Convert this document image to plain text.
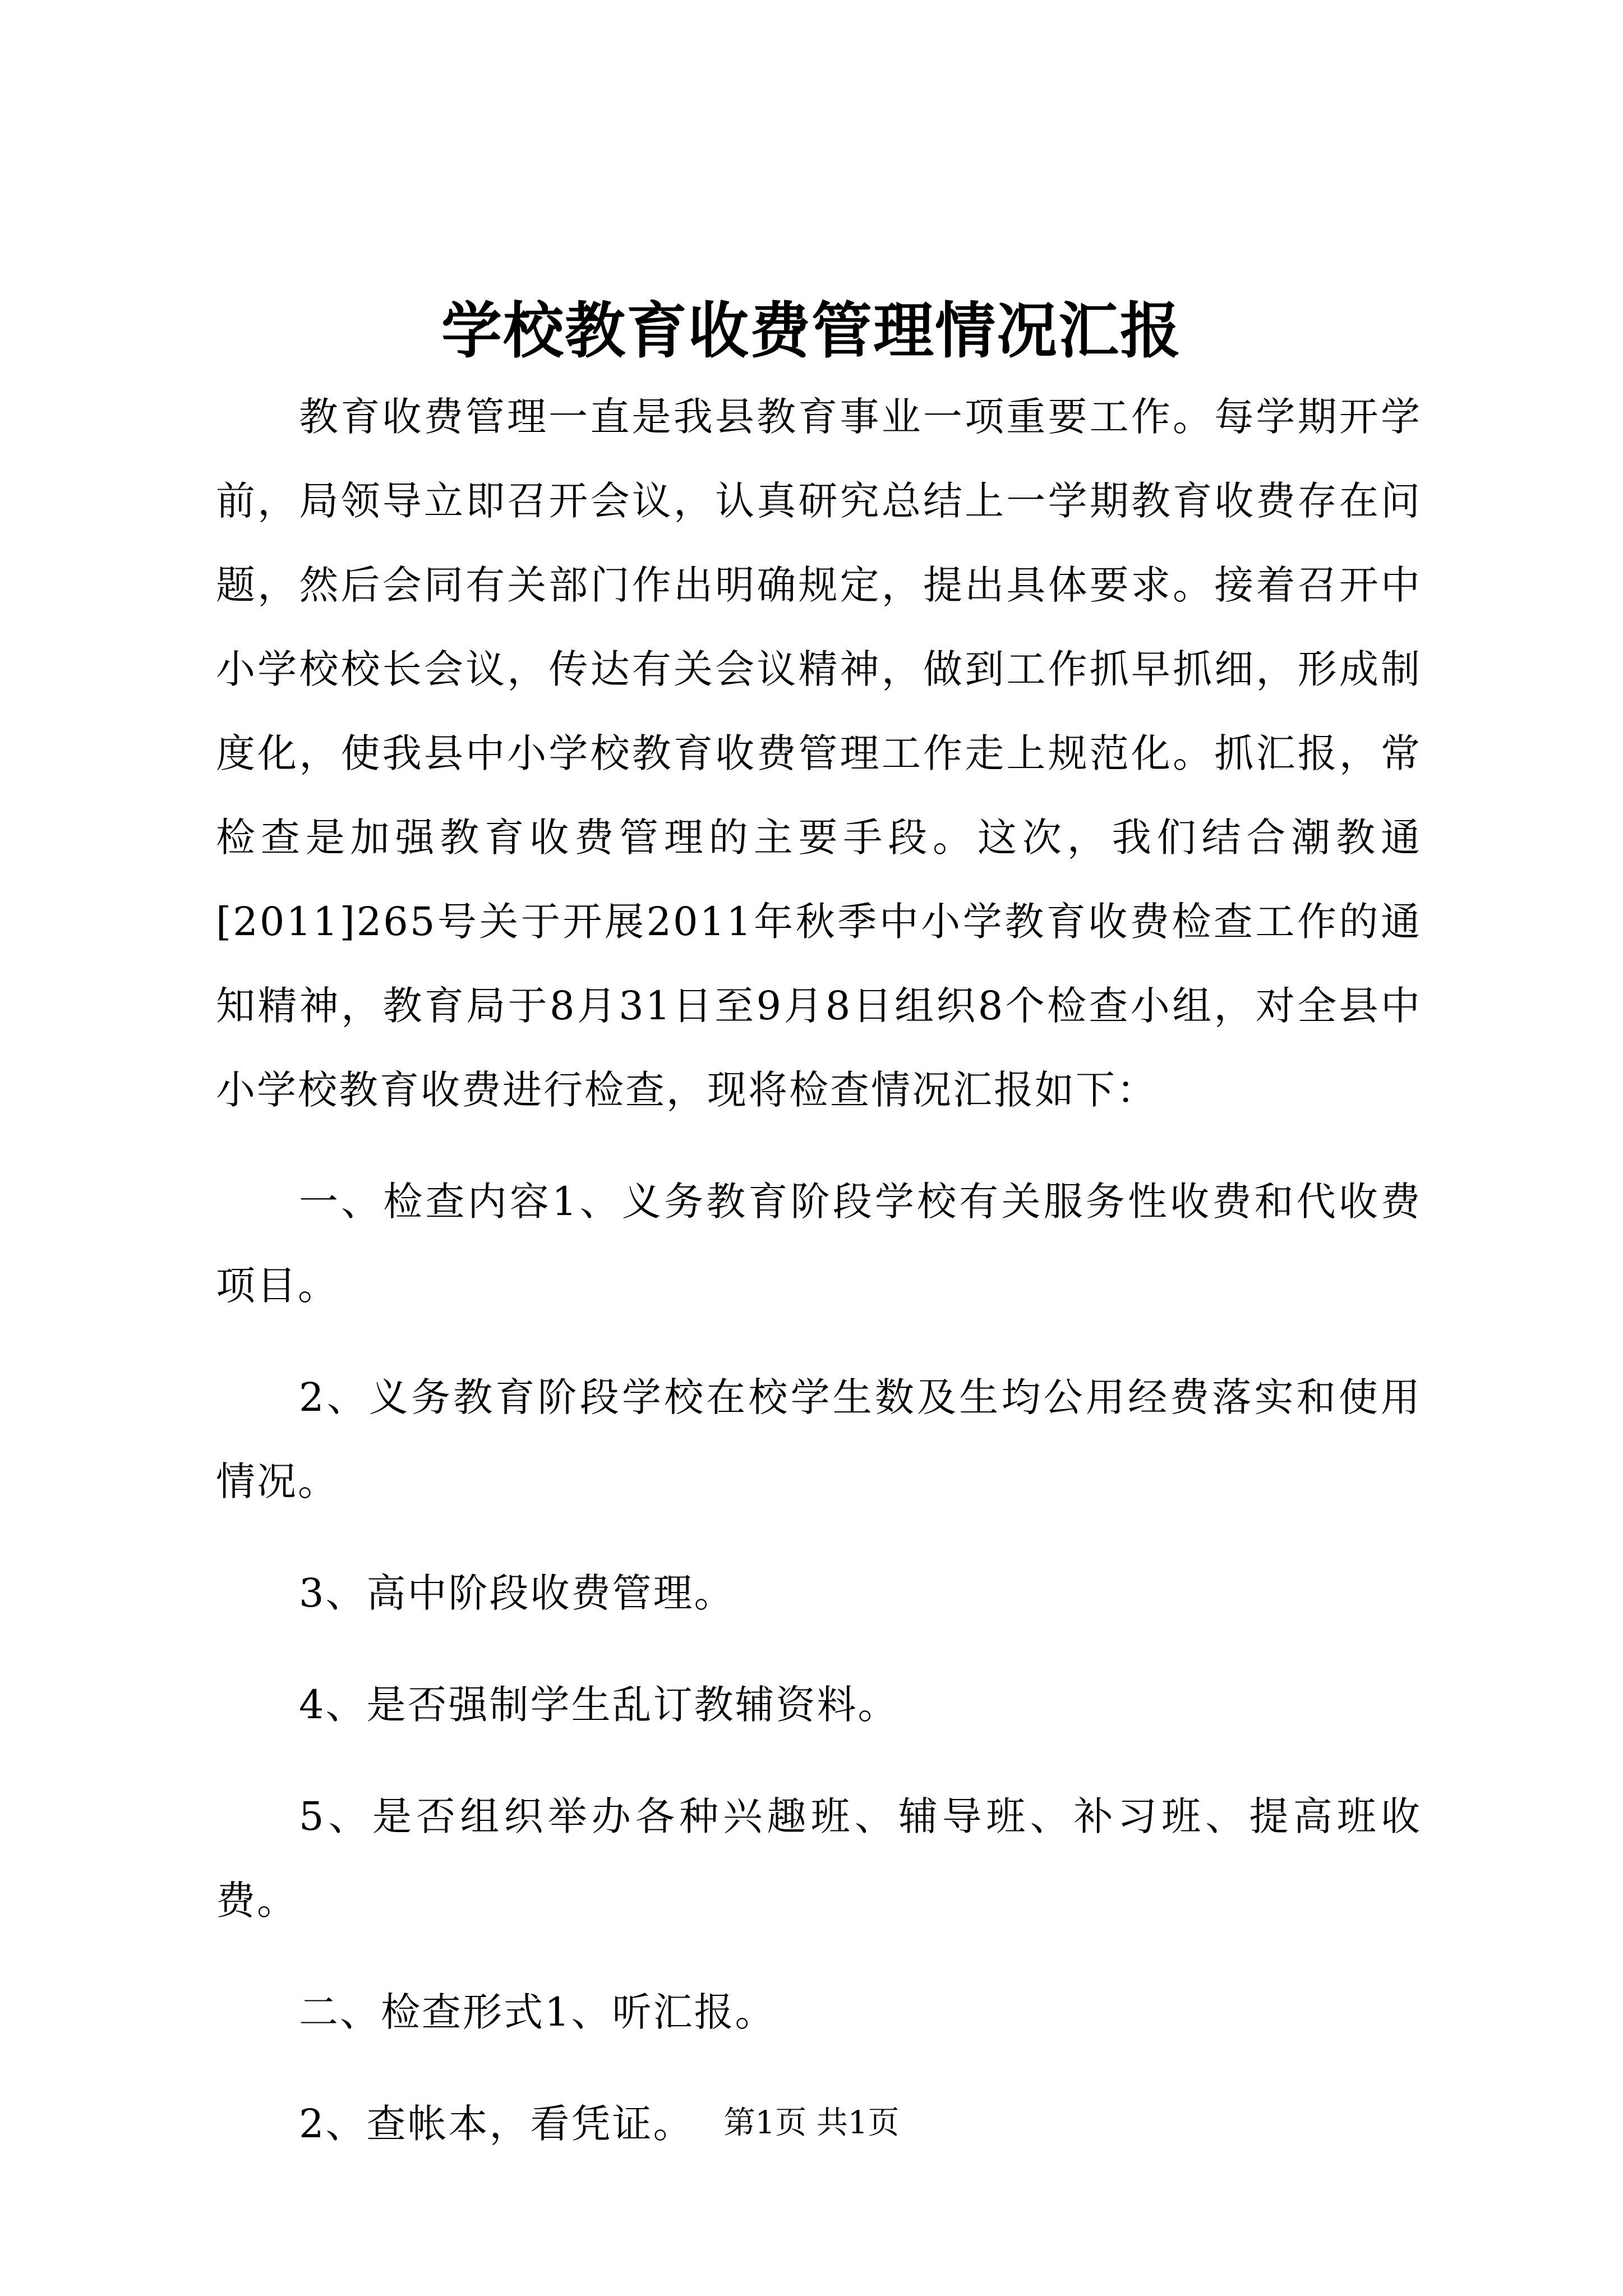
学校教育收费管理情况汇报

教育收费管理一直是我县教育事业一项重要工作。每学期开学前，局领导立即召开会议，认真研究总结上一学期教育收费存在问题，然后会同有关部门作出明确规定，提出具体要求。接着召开中小学校校长会议，传达有关会议精神，做到工作抓早抓细，形成制度化，使我县中小学校教育收费管理工作走上规范化。抓汇报，常检查是加强教育收费管理的主要手段。这次，我们结合潮教通[2011]265号关于开展2011年秋季中小学教育收费检查工作的通知精神，教育局于8月31日至9月8日组织8个检查小组，对全县中小学校教育收费进行检查，现将检查情况汇报如下：

一、检查内容1、义务教育阶段学校有关服务性收费和代收费项目。

2、义务教育阶段学校在校学生数及生均公用经费落实和使用情况。

3、高中阶段收费管理。

4、是否强制学生乱订教辅资料。

5、是否组织举办各种兴趣班、辅导班、补习班、提高班收费。

二、检查形式1、听汇报。

2、查帐本，看凭证。 第1页 共1页
